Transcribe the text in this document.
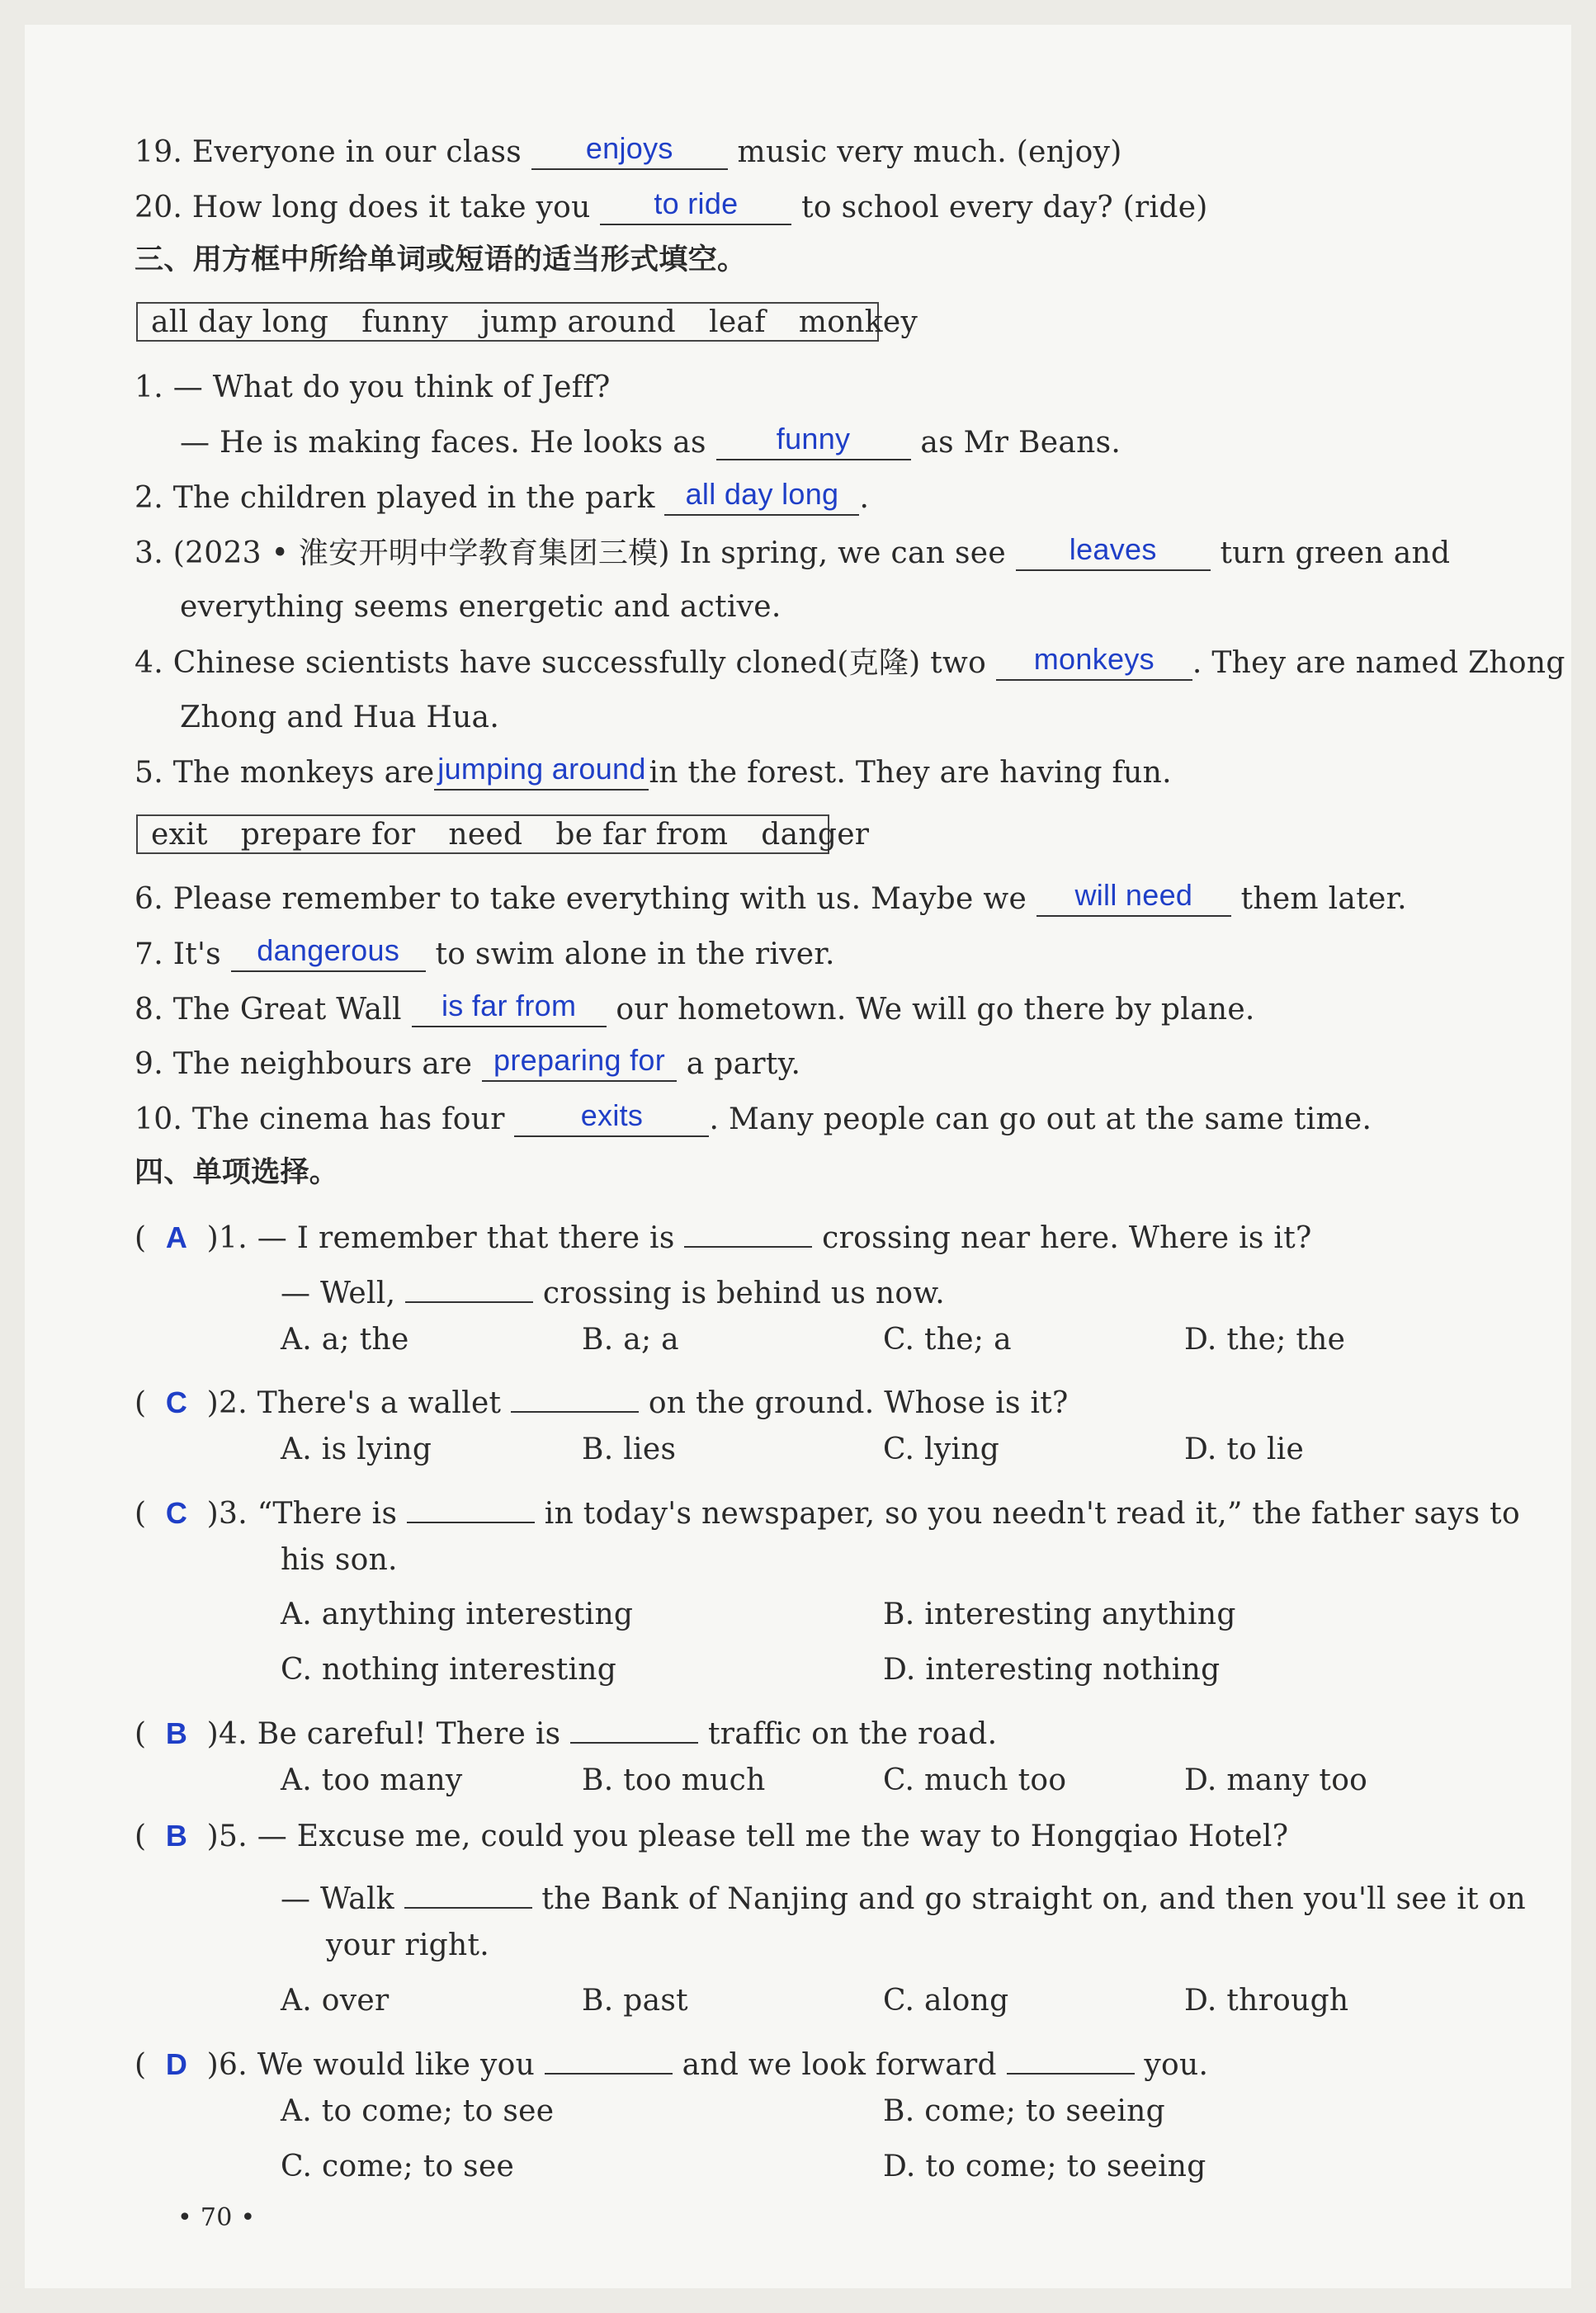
19. Everyone in our class enjoys music very much. (enjoy)
20. How long does it take you to ride to school every day? (ride)
三、用方框中所给单词或短语的适当形式填空。
all day long funny jump around leaf monkey
1. — What do you think of Jeff?
— He is making faces. He looks as funny as Mr Beans.
2. The children played in the park all day long .
3. (2023 • 淮安开明中学教育集团三模) In spring, we can see leaves turn green and
everything seems energetic and active.
4. Chinese scientists have successfully cloned(克隆) two monkeys . They are named Zhong
Zhong and Hua Hua.
5. The monkeys are jumping around in the forest. They are having fun.
exit prepare for need be far from danger
6. Please remember to take everything with us. Maybe we will need them later.
7. It's dangerous to swim alone in the river.
8. The Great Wall is far from our hometown. We will go there by plane.
9. The neighbours are preparing for a party.
10. The cinema has four	exits . Many people can go out at the same time.
四、单项选择。
(  A )1. — I remember that there is	crossing near here. Where is it?
— Well,	crossing is behind us now.
A. a; the	B. a; a	C. the; a	D. the; the
(  C )2. There's a wallet	on the ground. Whose is it?
A. is lying	B. lies	C. lying	D. to lie
(  C )3. “There is	in today's newspaper, so you needn't read it,” the father says to
his son.
A. anything interesting	B. interesting anything
C. nothing interesting	D. interesting nothing
(  B )4. Be careful! There is	traffic on the road.
A. too many	B. too much	C. much too	D. many too
(  B )5. — Excuse me, could you please tell me the way to Hongqiao Hotel?
— Walk	the Bank of Nanjing and go straight on, and then you'll see it on
your right.
A. over	B. past	C. along	D. through
(  D )6. We would like you	and we look forward	you.
A. to come; to see	B. come; to seeing
C. come; to see	D. to come; to seeing
• 70 •
